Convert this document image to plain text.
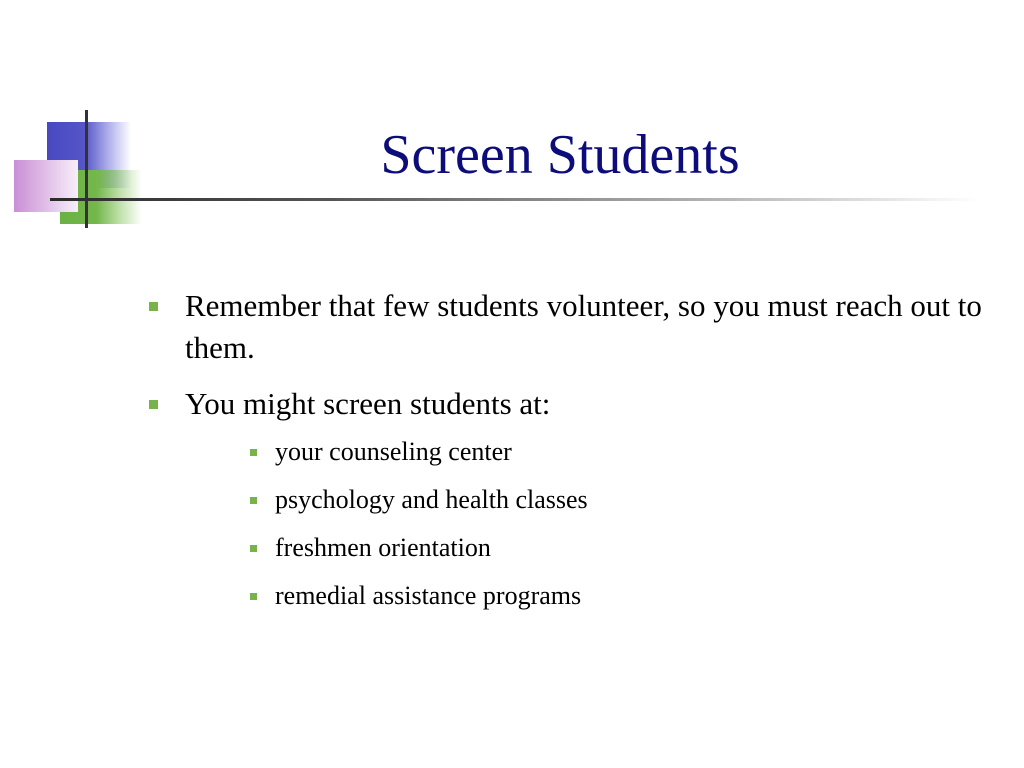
Screen Students
Remember that few students volunteer, so you must reach out to them.
You might screen students at:
your counseling center
psychology and health classes
freshmen orientation
remedial assistance programs
